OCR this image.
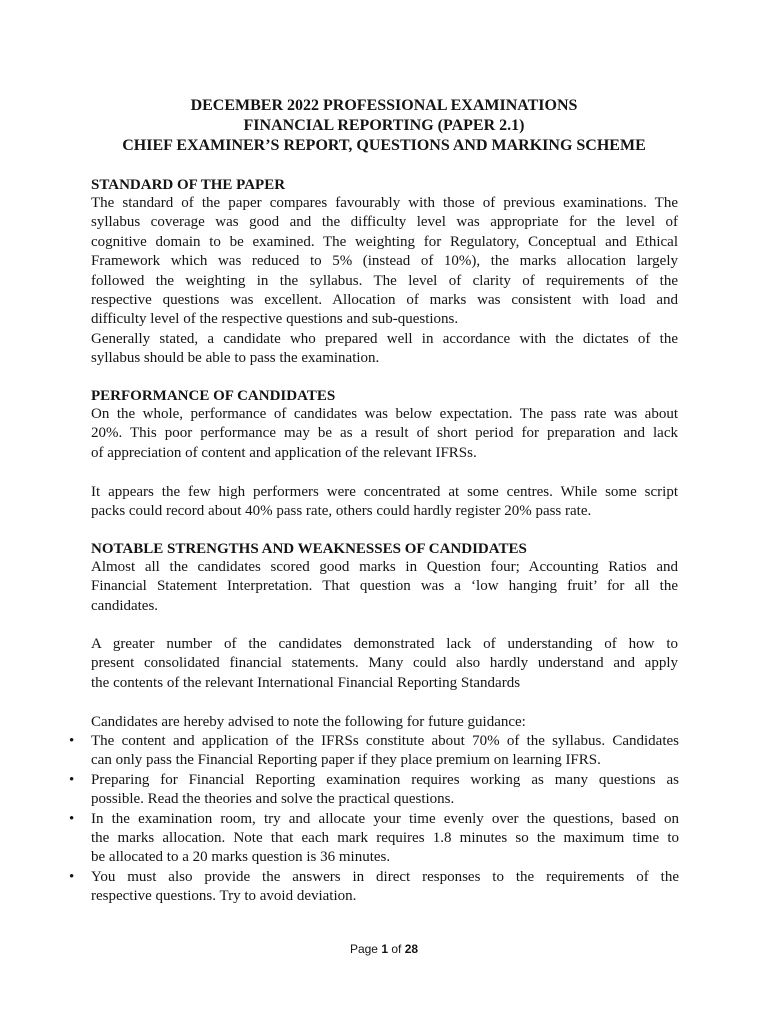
DECEMBER 2022 PROFESSIONAL EXAMINATIONS
FINANCIAL REPORTING (PAPER 2.1)
CHIEF EXAMINER’S REPORT, QUESTIONS AND MARKING SCHEME
STANDARD OF THE PAPER
The standard of the paper compares favourably with those of previous examinations. The
syllabus coverage was good and the difficulty level was appropriate for the level of
cognitive domain to be examined. The weighting for Regulatory, Conceptual and Ethical
Framework which was reduced to 5% (instead of 10%), the marks allocation largely
followed the weighting in the syllabus. The level of clarity of requirements of the
respective questions was excellent. Allocation of marks was consistent with load and
difficulty level of the respective questions and sub-questions.
Generally stated, a candidate who prepared well in accordance with the dictates of the
syllabus should be able to pass the examination.
PERFORMANCE OF CANDIDATES
On the whole, performance of candidates was below expectation. The pass rate was about
20%. This poor performance may be as a result of short period for preparation and lack
of appreciation of content and application of the relevant IFRSs.
It appears the few high performers were concentrated at some centres. While some script
packs could record about 40% pass rate, others could hardly register 20% pass rate.
NOTABLE STRENGTHS AND WEAKNESSES OF CANDIDATES
Almost all the candidates scored good marks in Question four; Accounting Ratios and
Financial Statement Interpretation. That question was a ‘low hanging fruit’ for all the
candidates.
A greater number of the candidates demonstrated lack of understanding of how to
present consolidated financial statements. Many could also hardly understand and apply
the contents of the relevant International Financial Reporting Standards
Candidates are hereby advised to note the following for future guidance:
• The content and application of the IFRSs constitute about 70% of the syllabus. Candidates
can only pass the Financial Reporting paper if they place premium on learning IFRS.
• Preparing for Financial Reporting examination requires working as many questions as
possible. Read the theories and solve the practical questions.
• In the examination room, try and allocate your time evenly over the questions, based on
the marks allocation. Note that each mark requires 1.8 minutes so the maximum time to
be allocated to a 20 marks question is 36 minutes.
• You must also provide the answers in direct responses to the requirements of the
respective questions. Try to avoid deviation.
Page 1 of 28
